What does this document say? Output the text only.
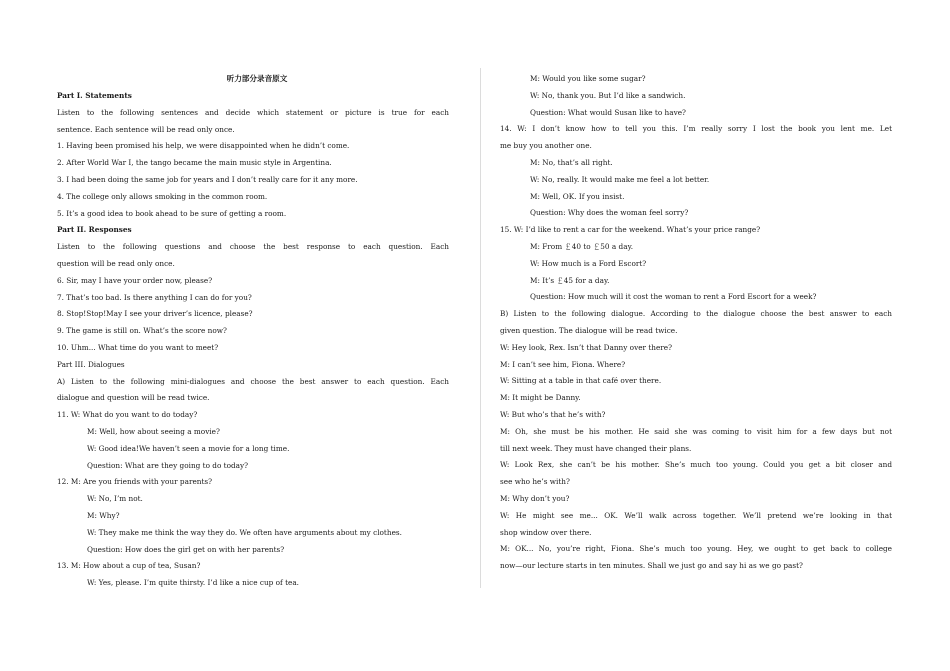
听力部分录音原文
Part I. Statements
Listen to the following sentences and decide which statement or picture is true for each
sentence. Each sentence will be read only once.
1. Having been promised his help, we were disappointed when he didn’t come.
2. After World War I, the tango became the main music style in Argentina.
3. I had been doing the same job for years and I don’t really care for it any more.
4. The college only allows smoking in the common room.
5. It’s a good idea to book ahead to be sure of getting a room.
Part II. Responses
Listen to the following questions and choose the best response to each question. Each
question will be read only once.
6. Sir, may I have your order now, please?
7. That’s too bad. Is there anything I can do for you?
8. Stop!Stop!May I see your driver’s licence, please?
9. The game is still on. What’s the score now?
10. Uhm... What time do you want to meet?
Part III. Dialogues
A) Listen to the following mini-dialogues and choose the best answer to each question. Each
dialogue and question will be read twice.
11. W: What do you want to do today?
M: Well, how about seeing a movie?
W: Good idea!We haven’t seen a movie for a long time.
Question: What are they going to do today?
12. M: Are you friends with your parents?
W: No, I’m not.
M: Why?
W: They make me think the way they do. We often have arguments about my clothes.
Question: How does the girl get on with her parents?
13. M: How about a cup of tea, Susan?
W: Yes, please. I’m quite thirsty. I’d like a nice cup of tea.
M: Would you like some sugar?
W: No, thank you. But I’d like a sandwich.
Question: What would Susan like to have?
14. W: I don’t know how to tell you this. I’m really sorry I lost the book you lent me. Let
me buy you another one.
M: No, that’s all right.
W: No, really. It would make me feel a lot better.
M: Well, OK. If you insist.
Question: Why does the woman feel sorry?
15. W: I’d like to rent a car for the weekend. What’s your price range?
M: From ￡40 to ￡50 a day.
W: How much is a Ford Escort?
M: It’s ￡45 for a day.
Question: How much will it cost the woman to rent a Ford Escort for a week?
B) Listen to the following dialogue. According to the dialogue choose the best answer to each
given question. The dialogue will be read twice.
W: Hey look, Rex. Isn’t that Danny over there?
M: I can’t see him, Fiona. Where?
W: Sitting at a table in that café over there.
M: It might be Danny.
W: But who’s that he’s with?
M: Oh, she must be his mother. He said she was coming to visit him for a few days but not
till next week. They must have changed their plans.
W: Look Rex, she can’t be his mother. She’s much too young. Could you get a bit closer and
see who he’s with?
M: Why don’t you?
W: He might see me... OK. We’ll walk across together. We’ll pretend we’re looking in that
shop window over there.
M: OK... No, you’re right, Fiona. She’s much too young. Hey, we ought to get back to college
now—our lecture starts in ten minutes. Shall we just go and say hi as we go past?
